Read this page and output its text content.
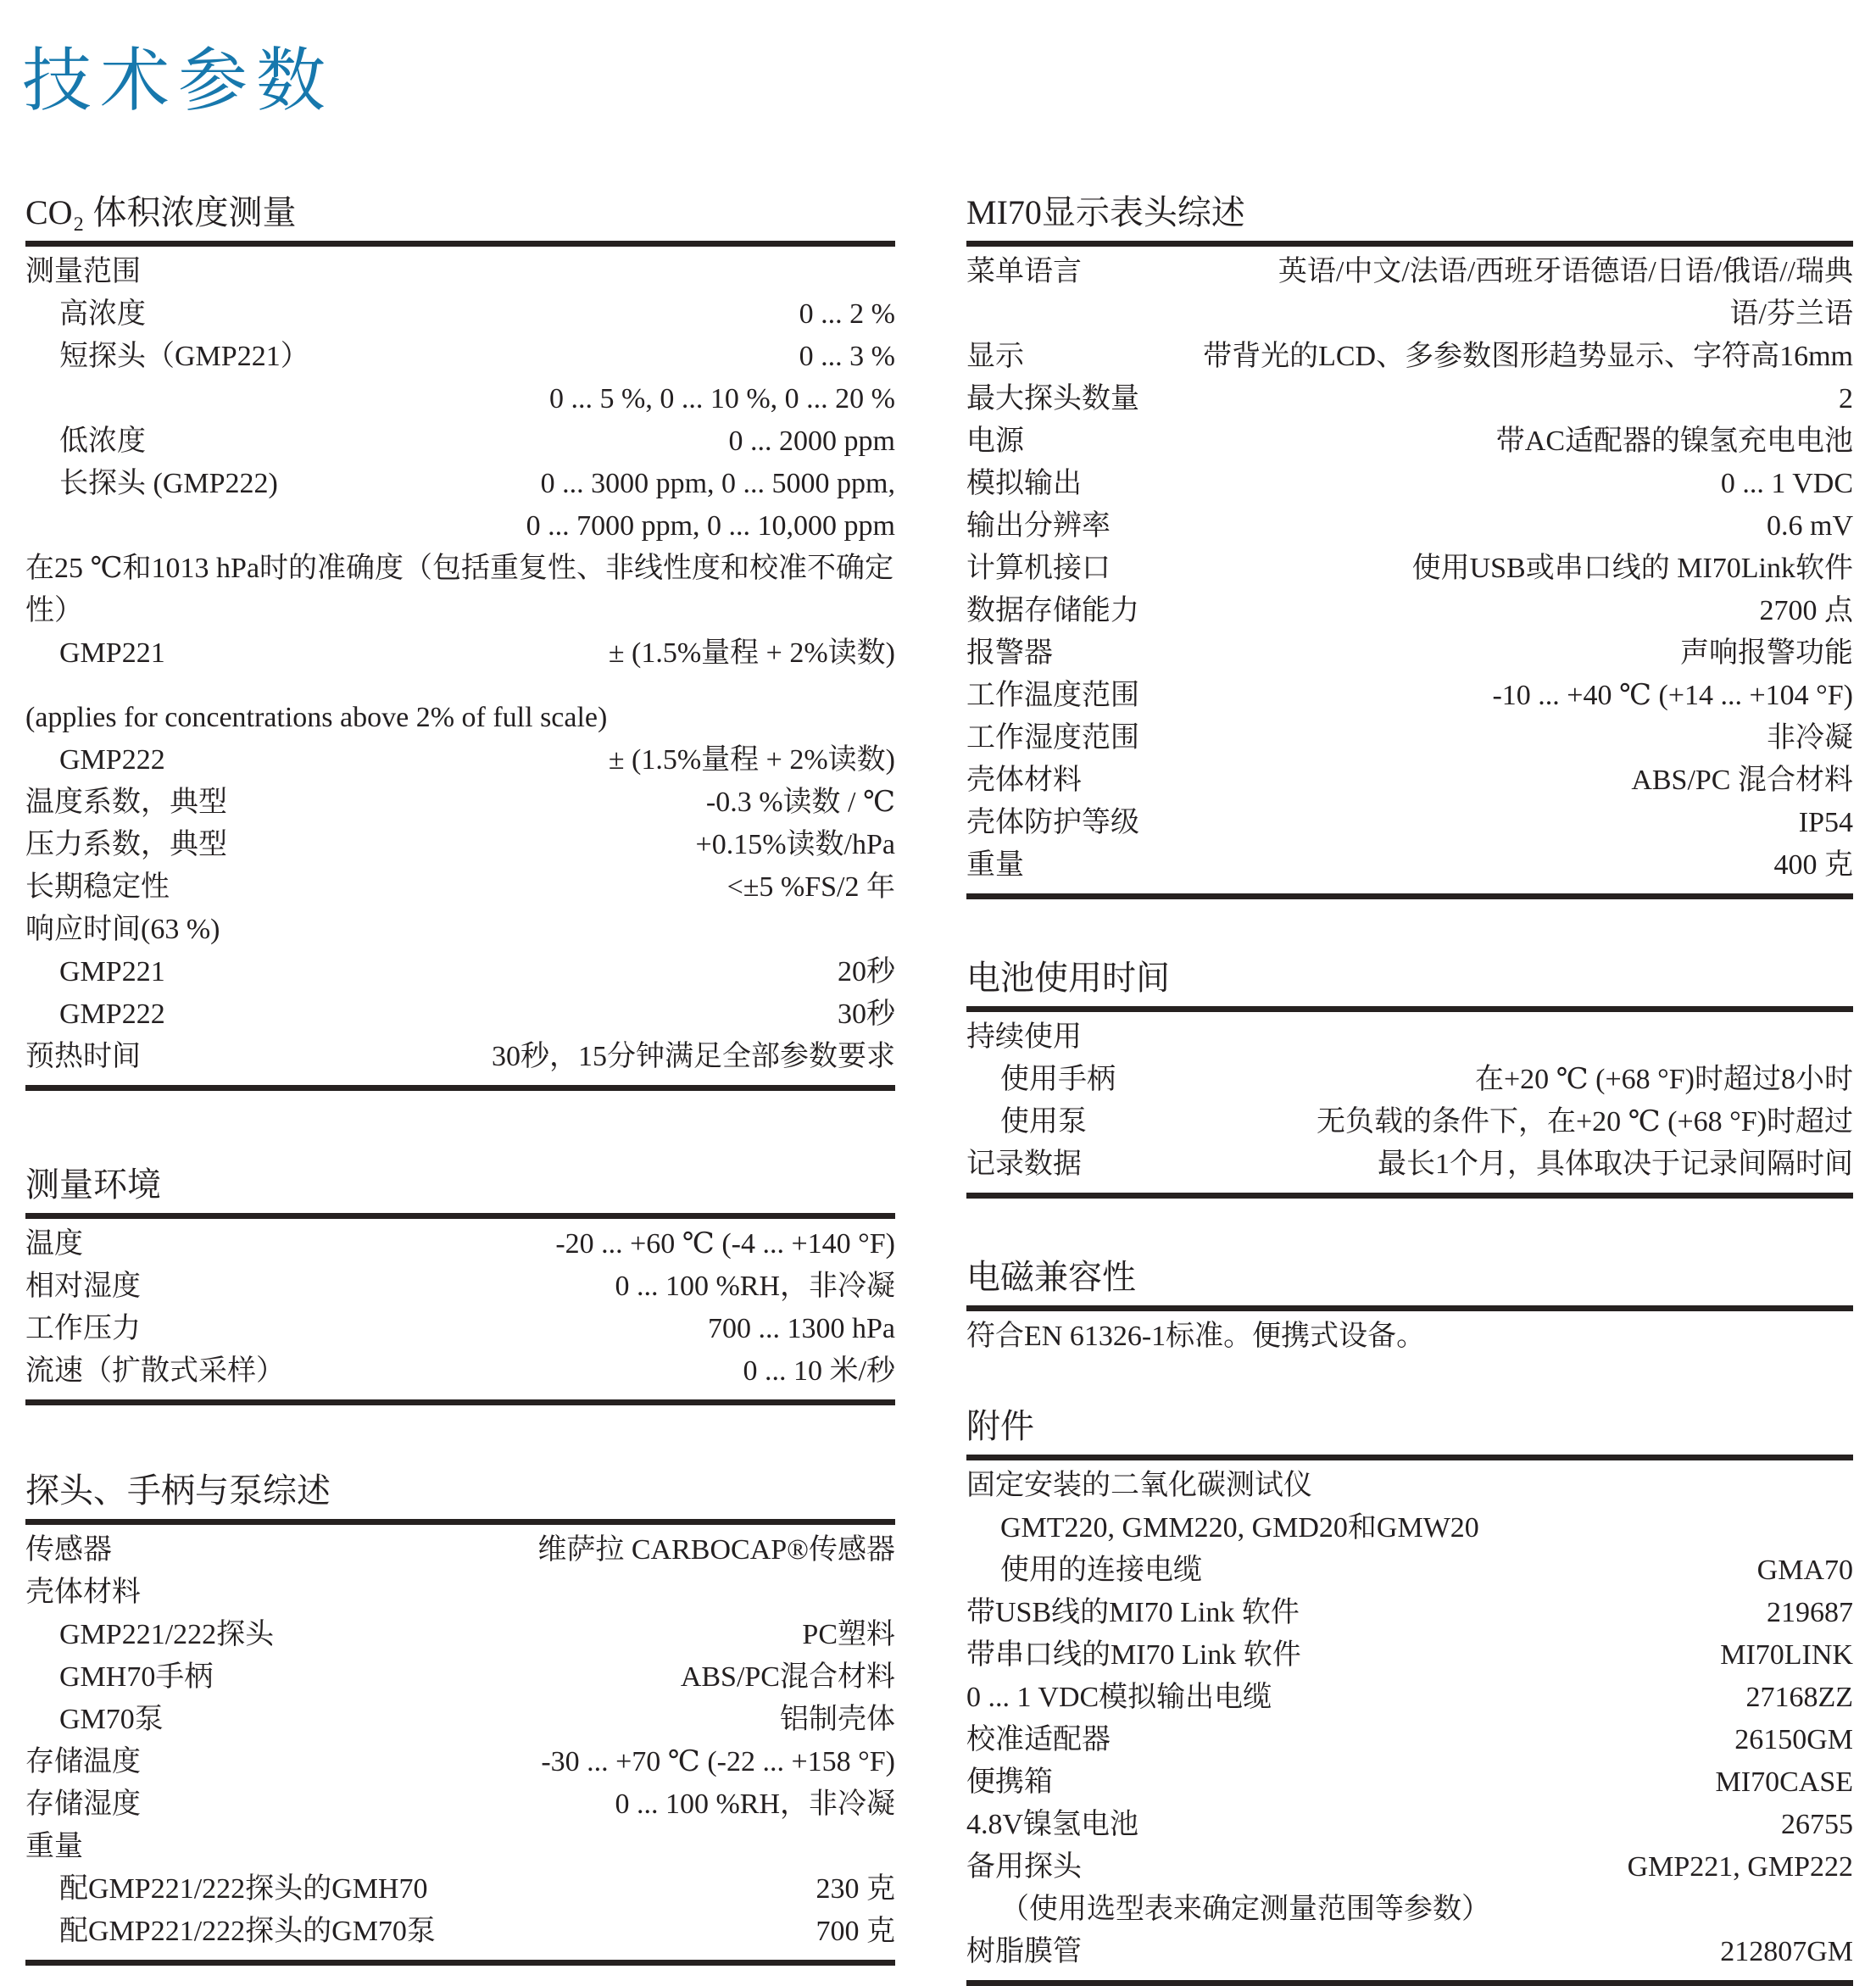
技术参数
CO₂ 体积浓度测量
测量范围
高浓度	0 ... 2 %
短探头（GMP221）	0 ... 3 %
0 ... 5 %, 0 ... 10 %, 0 ... 20 %
低浓度	0 ... 2000 ppm
长探头 (GMP222)	0 ... 3000 ppm, 0 ... 5000 ppm,
0 ... 7000 ppm, 0 ... 10,000 ppm
在25 ℃和1013 hPa时的准确度（包括重复性、非线性度和校准不确定性）
GMP221	± (1.5%量程 + 2%读数)
(applies for concentrations above 2% of full scale)
GMP222	± (1.5%量程 + 2%读数)
温度系数，典型	-0.3 %读数 / ℃
压力系数，典型	+0.15%读数/hPa
长期稳定性	<±5 %FS/2 年
响应时间(63 %)
GMP221	20秒
GMP222	30秒
预热时间	30秒，15分钟满足全部参数要求
测量环境
温度	-20 ... +60 ℃ (-4 ... +140 °F)
相对湿度	0 ... 100 %RH，非冷凝
工作压力	700 ... 1300 hPa
流速（扩散式采样）	0 ... 10 米/秒
探头、手柄与泵综述
传感器	维萨拉 CARBOCAP®传感器
壳体材料
GMP221/222探头	PC塑料
GMH70手柄	ABS/PC混合材料
GM70泵	铝制壳体
存储温度	-30 ... +70 ℃ (-22 ... +158 °F)
存储湿度	0 ... 100 %RH，非冷凝
重量
配GMP221/222探头的GMH70	230 克
配GMP221/222探头的GM70泵	700 克
MI70显示表头综述
菜单语言	英语/中文/法语/西班牙语德语/日语/俄语//瑞典
语/芬兰语
显示	带背光的LCD、多参数图形趋势显示、字符高16mm
最大探头数量	2
电源	带AC适配器的镍氢充电电池
模拟输出	0 ... 1 VDC
输出分辨率	0.6 mV
计算机接口	使用USB或串口线的 MI70Link软件
数据存储能力	2700 点
报警器	声响报警功能
工作温度范围	-10 ... +40 ℃ (+14 ... +104 °F)
工作湿度范围	非冷凝
壳体材料	ABS/PC 混合材料
壳体防护等级	IP54
重量	400 克
电池使用时间
持续使用
使用手柄	在+20 ℃ (+68 °F)时超过8小时
使用泵	无负载的条件下，在+20 ℃ (+68 °F)时超过
记录数据	最长1个月，具体取决于记录间隔时间
电磁兼容性
符合EN 61326-1标准。便携式设备。
附件
固定安装的二氧化碳测试仪
GMT220, GMM220, GMD20和GMW20
使用的连接电缆	GMA70
带USB线的MI70 Link 软件	219687
带串口线的MI70 Link 软件	MI70LINK
0 ... 1 VDC模拟输出电缆	27168ZZ
校准适配器	26150GM
便携箱	MI70CASE
4.8V镍氢电池	26755
备用探头	GMP221, GMP222
（使用选型表来确定测量范围等参数）
树脂膜管	212807GM
